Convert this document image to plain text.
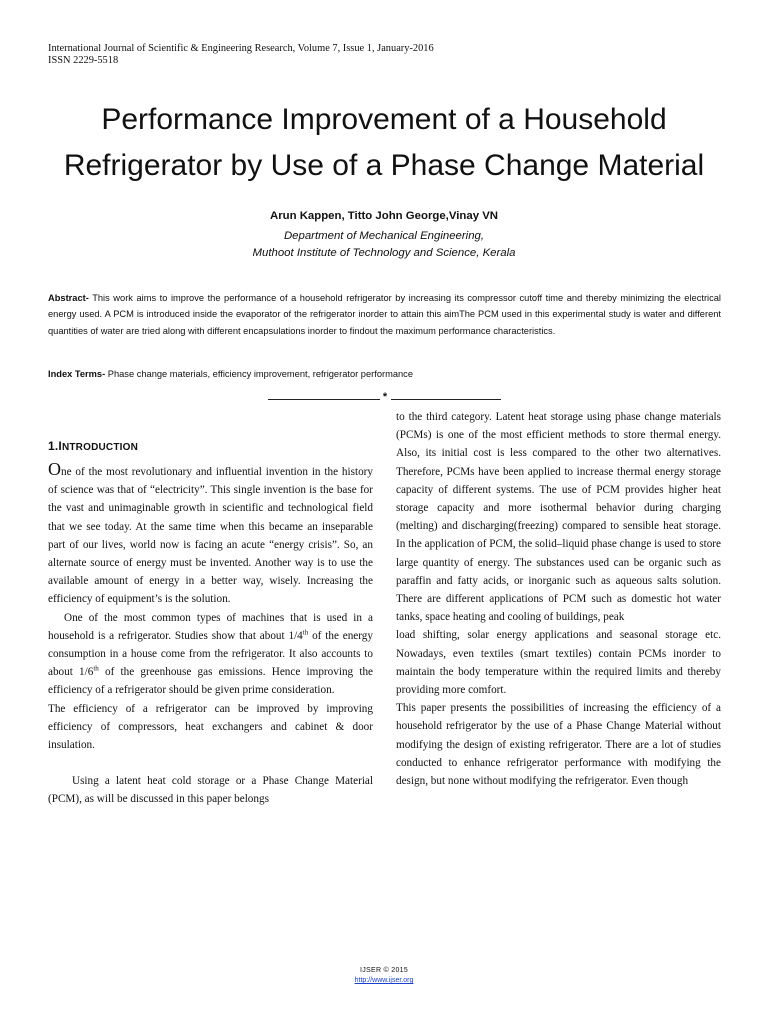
International Journal of Scientific & Engineering Research, Volume 7, Issue 1, January-2016
ISSN 2229-5518
Performance Improvement of a Household
Refrigerator by Use of a Phase Change Material
Arun Kappen, Titto John George,Vinay VN
Department of Mechanical Engineering,
Muthoot Institute of Technology and Science, Kerala
Abstract- This work aims to improve the performance of a household refrigerator by increasing its compressor cutoff time and thereby minimizing the electrical energy used. A PCM is introduced inside the evaporator of the refrigerator inorder to attain this aimThe PCM used in this experimental study is water and different quantities of water are tried along with different encapsulations inorder to findout the maximum performance characteristics.
Index Terms- Phase change materials, efficiency improvement, refrigerator performance
*
1.INTRODUCTION

One of the most revolutionary and influential invention in the history of science was that of “electricity”. This single invention is the base for the vast and unimaginable growth in scientific and technological field that we see today. At the same time when this became an inseparable part of our lives, world now is facing an acute “energy crisis”. So, an alternate source of energy must be invented. Another way is to use the available amount of energy in a better way, wisely. Increasing the efficiency of equipment’s is the solution.

One of the most common types of machines that is used in a household is a refrigerator. Studies show that about 1/4th of the energy consumption in a house come from the refrigerator. It also accounts to about 1/6th of the greenhouse gas emissions. Hence improving the efficiency of a refrigerator should be given prime consideration.

The efficiency of a refrigerator can be improved by improving efficiency of compressors, heat exchangers and cabinet & door insulation.

Using a latent heat cold storage or a Phase Change Material (PCM), as will be discussed in this paper belongs

to the third category. Latent heat storage using phase change materials (PCMs) is one of the most efficient methods to store thermal energy. Also, its initial cost is less compared to the other two alternatives. Therefore, PCMs have been applied to increase thermal energy storage capacity of different systems. The use of PCM provides higher heat storage capacity and more isothermal behavior during charging (melting) and discharging(freezing) compared to sensible heat storage. In the application of PCM, the solid–liquid phase change is used to store large quantity of energy. The substances used can be organic such as paraffin and fatty acids, or inorganic such as aqueous salts solution. There are different applications of PCM such as domestic hot water tanks, space heating and cooling of buildings, peak

load shifting, solar energy applications and seasonal storage etc. Nowadays, even textiles (smart textiles) contain PCMs inorder to maintain the body temperature within the required limits and thereby providing more comfort.

This paper presents the possibilities of increasing the efficiency of a household refrigerator by the use of a Phase Change Material without modifying the design of existing refrigerator. There are a lot of studies conducted to enhance refrigerator performance with modifying the design, but none without modifying the refrigerator. Even though

IJSER © 2015
http://www.ijser.org
